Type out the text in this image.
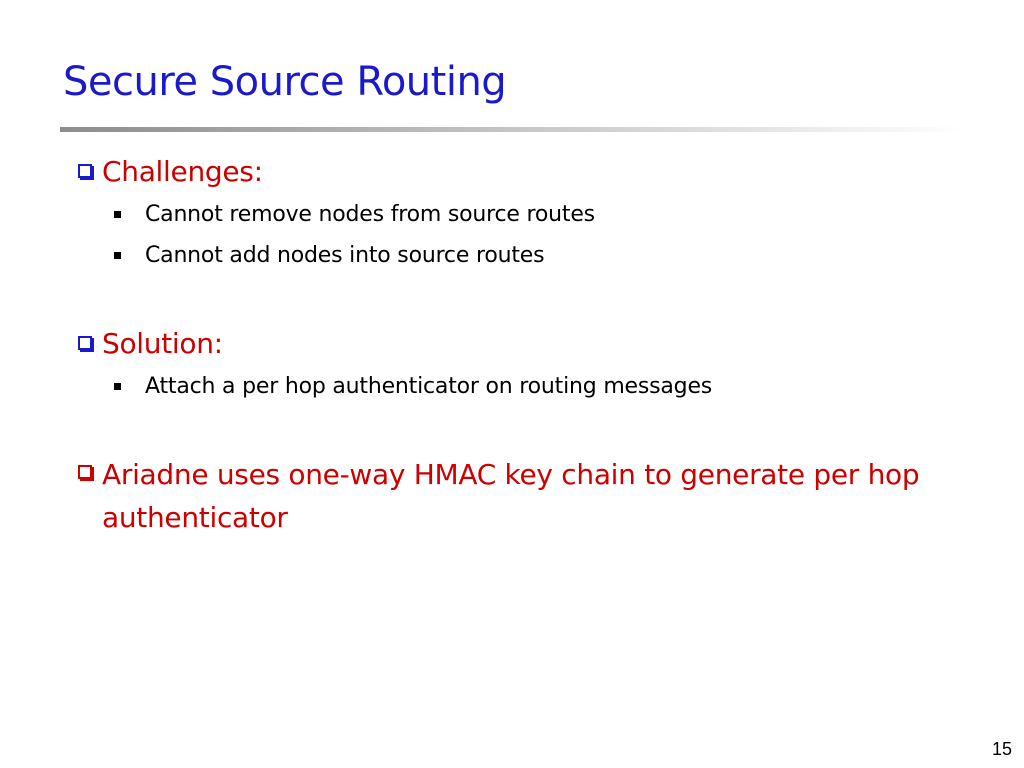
Secure Source Routing
Challenges:
Cannot remove nodes from source routes
Cannot add nodes into source routes
Solution:
Attach a per hop authenticator on routing messages
Ariadne uses one-way HMAC key chain to generate per hop authenticator
15
